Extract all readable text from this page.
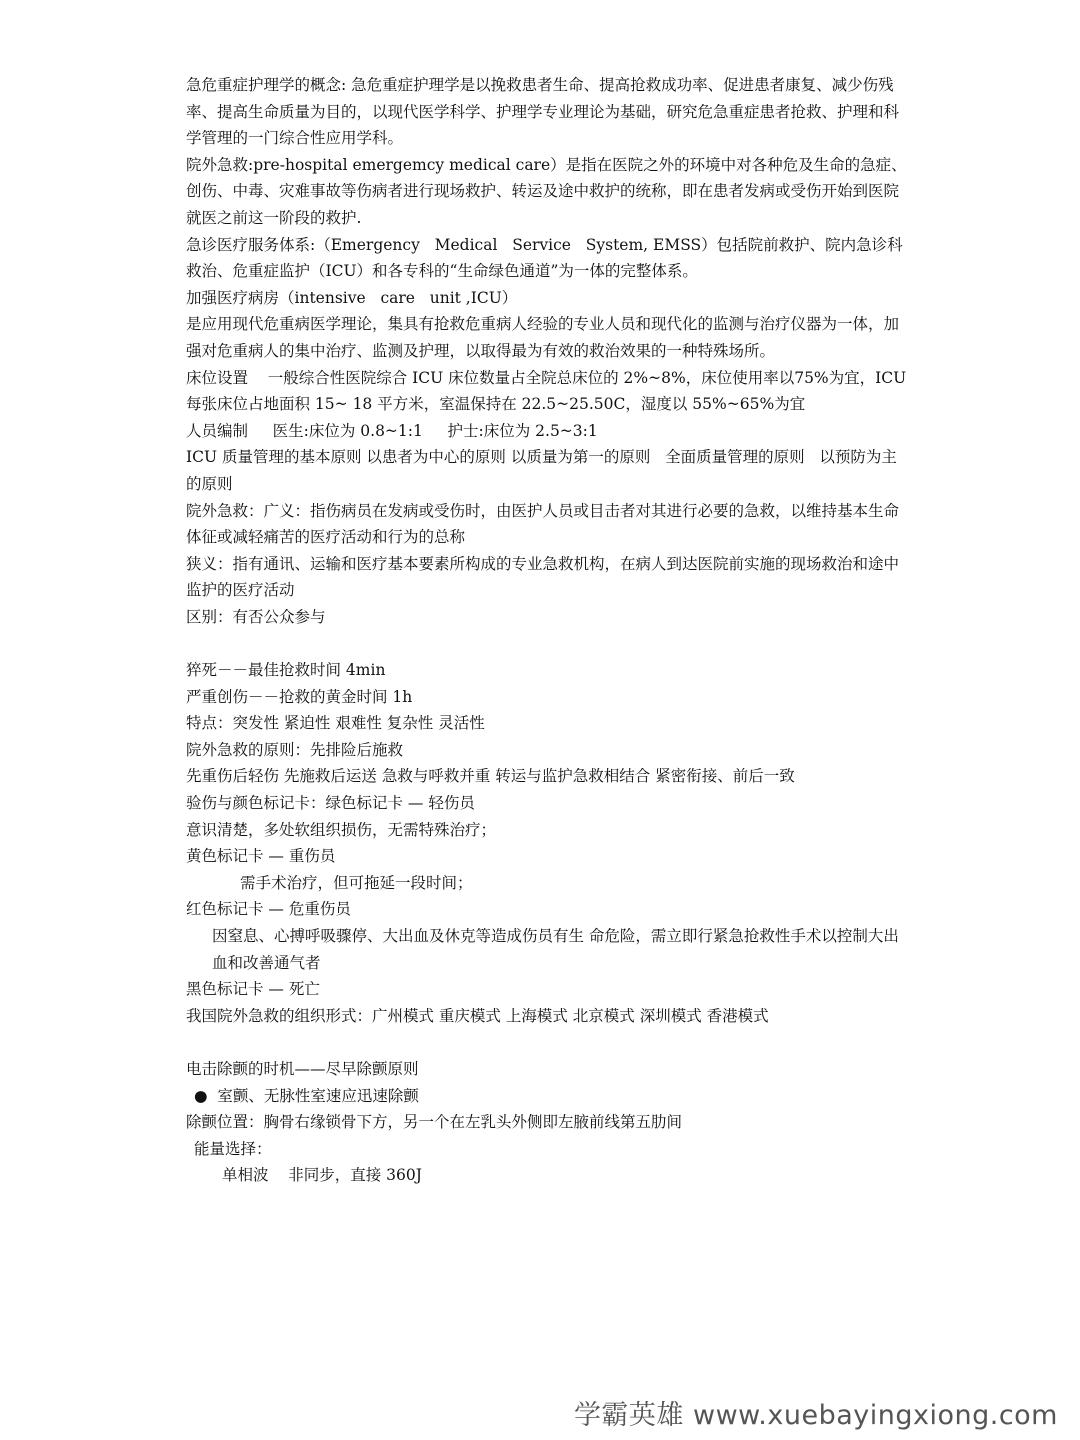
急危重症护理学的概念: 急危重症护理学是以挽救患者生命、提高抢救成功率、促进患者康复、减少伤残率、提高生命质量为目的，以现代医学科学、护理学专业理论为基础，研究危急重症患者抢救、护理和科学管理的一门综合性应用学科。
院外急救:pre-hospital emergemcy medical care）是指在医院之外的环境中对各种危及生命的急症、创伤、中毒、灾难事故等伤病者进行现场救护、转运及途中救护的统称，即在患者发病或受伤开始到医院就医之前这一阶段的救护.
急诊医疗服务体系:（Emergency   Medical   Service   System, EMSS）包括院前救护、院内急诊科救治、危重症监护（ICU）和各专科的“生命绿色通道”为一体的完整体系。
加强医疗病房（intensive   care   unit ,ICU）
是应用现代危重病医学理论，集具有抢救危重病人经验的专业人员和现代化的监测与治疗仪器为一体，加强对危重病人的集中治疗、监测及护理，以取得最为有效的救治效果的一种特殊场所。
床位设置    一般综合性医院综合 ICU 床位数量占全院总床位的 2%~8%，床位使用率以75%为宜，ICU 每张床位占地面积 15~ 18 平方米，室温保持在 22.5~25.50C，湿度以 55%~65%为宜
人员编制     医生:床位为 0.8~1:1     护士:床位为 2.5~3:1
ICU 质量管理的基本原则 以患者为中心的原则 以质量为第一的原则   全面质量管理的原则   以预防为主的原则
院外急救：广义：指伤病员在发病或受伤时，由医护人员或目击者对其进行必要的急救，以维持基本生命体征或减轻痛苦的医疗活动和行为的总称
狭义：指有通讯、运输和医疗基本要素所构成的专业急救机构，在病人到达医院前实施的现场救治和途中监护的医疗活动
区别：有否公众参与
猝死－－最佳抢救时间 4min
严重创伤－－抢救的黄金时间 1h
特点：突发性 紧迫性 艰难性 复杂性 灵活性
院外急救的原则：先排险后施救
先重伤后轻伤 先施救后运送 急救与呼救并重 转运与监护急救相结合 紧密衔接、前后一致
验伤与颜色标记卡：绿色标记卡 — 轻伤员
意识清楚，多处软组织损伤，无需特殊治疗；
黄色标记卡 — 重伤员
需手术治疗，但可拖延一段时间；
红色标记卡 — 危重伤员
因窒息、心搏呼吸骤停、大出血及休克等造成伤员有生 命危险，需立即行紧急抢救性手术以控制大出血和改善通气者
黑色标记卡 — 死亡
我国院外急救的组织形式：广州模式 重庆模式 上海模式 北京模式 深圳模式 香港模式
电击除颤的时机——尽早除颤原则
●  室颤、无脉性室速应迅速除颤
除颤位置：胸骨右缘锁骨下方，另一个在左乳头外侧即左腋前线第五肋间
能量选择：
单相波    非同步，直接 360J
学霸英雄 www.xuebayingxiong.com
